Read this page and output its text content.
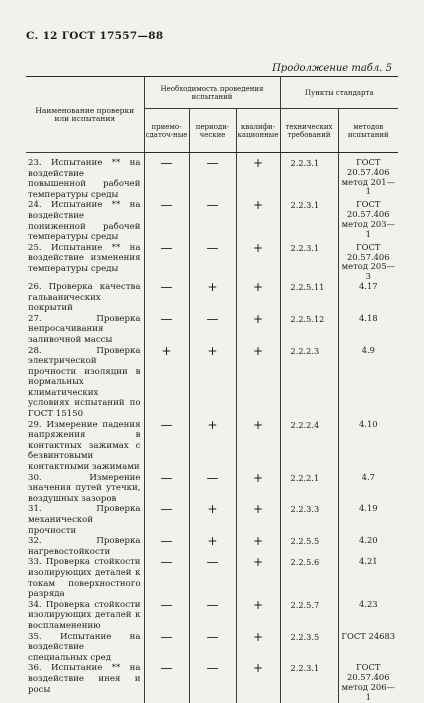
С. 12 ГОСТ 17557—88
Продолжение табл. 5
Наименование проверки или испытания	Необходимость проведения испытаний			Пункты стандарта	
	приемо-сдаточ-ные	периоди-ческие	квалифи-кационные	технических требований	методов испытаний
23. Испытание ** на воздействие повышенной рабочей температуры среды	—	—	+	2.2.3.1	ГОСТ 20.57.406 метод 201—1
24. Испытание ** на воздействие пониженной рабочей температуры среды	—	—	+	2.2.3.1	ГОСТ 20.57.406 метод 203—1
25. Испытание ** на воздействие изменения температуры среды	—	—	+	2.2.3.1	ГОСТ 20.57.406 метод 205—3
26. Проверка качества гальванических покрытий	—	+	+	2.2.5.11	4.17
27. Проверка непросачивания заливочной массы	—	—	+	2.2.5.12	4.18
28. Проверка электрической прочности изоляции в нормальных климатических условиях испытаний по ГОСТ 15150	+	+	+	2.2.2.3	4.9
29. Измерение падения напряжения в контактных зажимах с безвинтовыми контактными зажимами	—	+	+	2.2.2.4	4.10
30. Измерение значения путей утечки, воздушных зазоров	—	—	+	2.2.2.1	4.7
31. Проверка механической прочности	—	+	+	2.2.3.3	4.19
32. Проверка нагревостойкости	—	+	+	2.2.5.5	4.20
33. Проверка стойкости изолирующих деталей к токам поверхностного разряда	—	—	+	2.2.5.6	4.21
34. Проверка стойкости изолирующих деталей к воспламенению	—	—	+	2.2.5.7	4.23
35. Испытание на воздействие специальных сред	—	—	+	2.2.3.5	ГОСТ 24683
36. Испытание ** на воздействие инея и росы	—	—	+	2.2.3.1	ГОСТ 20.57.406 метод 206—1
